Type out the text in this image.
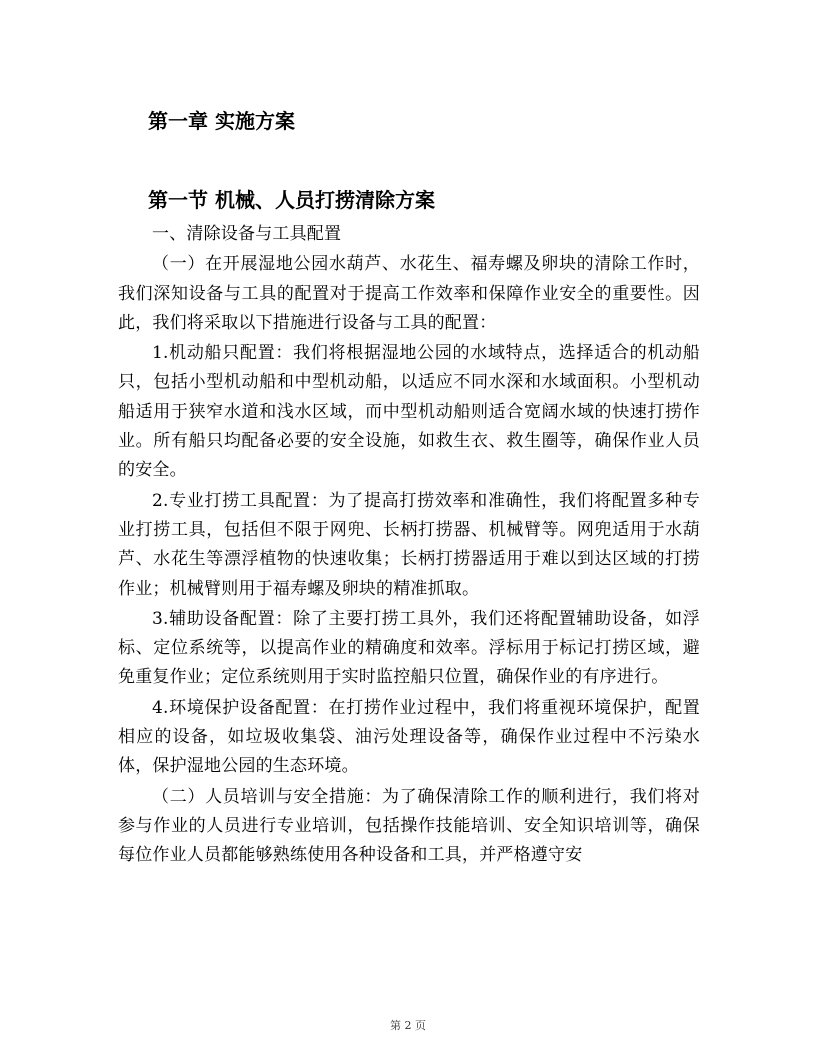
第一章 实施方案
第一节 机械、人员打捞清除方案

一、清除设备与工具配置

（一）在开展湿地公园水葫芦、水花生、福寿螺及卵块的清除工作时，我们深知设备与工具的配置对于提高工作效率和保障作业安全的重要性。因此，我们将采取以下措施进行设备与工具的配置：

1.机动船只配置：我们将根据湿地公园的水域特点，选择适合的机动船只，包括小型机动船和中型机动船，以适应不同水深和水域面积。小型机动船适用于狭窄水道和浅水区域，而中型机动船则适合宽阔水域的快速打捞作业。所有船只均配备必要的安全设施，如救生衣、救生圈等，确保作业人员的安全。

2.专业打捞工具配置：为了提高打捞效率和准确性，我们将配置多种专业打捞工具，包括但不限于网兜、长柄打捞器、机械臂等。网兜适用于水葫芦、水花生等漂浮植物的快速收集；长柄打捞器适用于难以到达区域的打捞作业；机械臂则用于福寿螺及卵块的精准抓取。

3.辅助设备配置：除了主要打捞工具外，我们还将配置辅助设备，如浮标、定位系统等，以提高作业的精确度和效率。浮标用于标记打捞区域，避免重复作业；定位系统则用于实时监控船只位置，确保作业的有序进行。

4.环境保护设备配置：在打捞作业过程中，我们将重视环境保护，配置相应的设备，如垃圾收集袋、油污处理设备等，确保作业过程中不污染水体，保护湿地公园的生态环境。

（二）人员培训与安全措施：为了确保清除工作的顺利进行，我们将对参与作业的人员进行专业培训，包括操作技能培训、安全知识培训等，确保每位作业人员都能够熟练使用各种设备和工具，并严格遵守安

第 2 页
